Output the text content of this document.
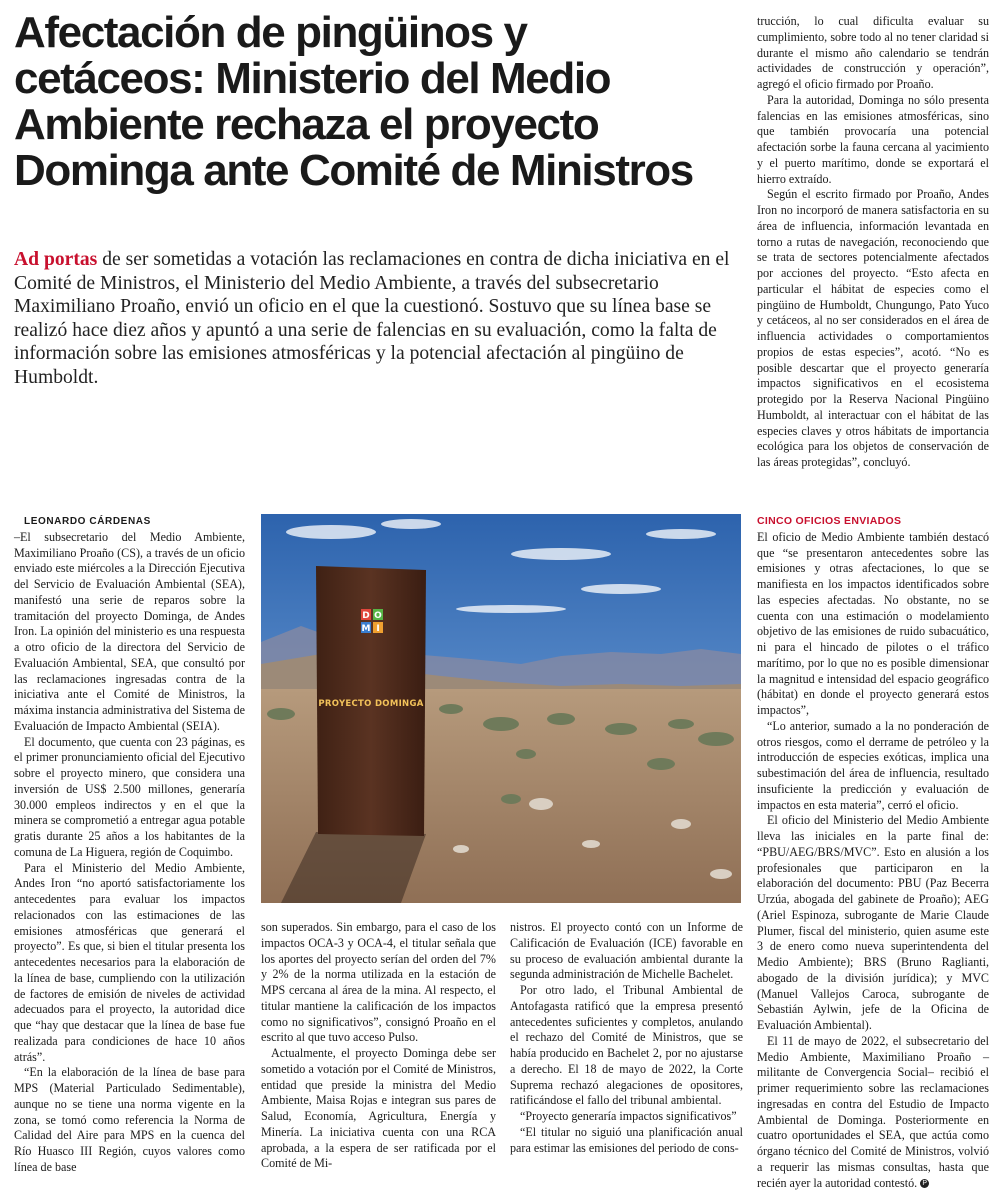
Afectación de pingüinos y
cetáceos: Ministerio del Medio
Ambiente rechaza el proyecto
Dominga ante Comité de Ministros

Ad portas de ser sometidas a votación las reclamaciones en contra de dicha iniciativa en el Comité de Ministros, el Ministerio del Medio Ambiente, a través del subsecretario Maximiliano Proaño, envió un oficio en el que la cuestionó. Sostuvo que su línea base se realizó hace diez años y apuntó a una serie de falencias en su evaluación, como la falta de información sobre las emisiones atmosféricas y la potencial afectación al pingüino de Humboldt.

LEONARDO CÁRDENAS

–El subsecretario del Medio Ambiente, Maximiliano Proaño (CS), a través de un oficio enviado este miércoles a la Dirección Ejecutiva del Servicio de Evaluación Ambiental (SEA), manifestó una serie de reparos sobre la tramitación del proyecto Dominga, de Andes Iron. La opinión del ministerio es una respuesta a otro oficio de la directora del Servicio de Evaluación Ambiental, SEA, que consultó por las reclamaciones ingresadas contra de la iniciativa ante el Comité de Ministros, la máxima instancia administrativa del Sistema de Evaluación de Impacto Ambiental (SEIA).

El documento, que cuenta con 23 páginas, es el primer pronunciamiento oficial del Ejecutivo sobre el proyecto minero, que considera una inversión de US$ 2.500 millones, generaría 30.000 empleos indirectos y en el que la minera se comprometió a entregar agua potable gratis durante 25 años a los habitantes de la comuna de La Higuera, región de Coquimbo.

Para el Ministerio del Medio Ambiente, Andes Iron “no aportó satisfactoriamente los antecedentes para evaluar los impactos relacionados con las estimaciones de las emisiones atmosféricas que generará el proyecto”. Es que, si bien el titular presenta los antecedentes necesarios para la elaboración de la línea de base, cumpliendo con la utilización de factores de emisión de niveles de actividad adecuados para el proyecto, la autoridad dice que “hay que destacar que la línea de base fue realizada para condiciones de hace 10 años atrás”.

“En la elaboración de la línea de base para MPS (Material Particulado Sedimentable), aunque no se tiene una norma vigente en la zona, se tomó como referencia la Norma de Calidad del Aire para MPS en la cuenca del Río Huasco III Región, cuyos valores como línea de base

D O
M I
PROYECTO DOMINGA

son superados. Sin embargo, para el caso de los impactos OCA-3 y OCA-4, el titular señala que los aportes del proyecto serían del orden del 7% y 2% de la norma utilizada en la estación de MPS cercana al área de la mina. Al respecto, el titular mantiene la calificación de los impactos como no significativos”, consignó Proaño en el escrito al que tuvo acceso Pulso.

Actualmente, el proyecto Dominga debe ser sometido a votación por el Comité de Ministros, entidad que preside la ministra del Medio Ambiente, Maisa Rojas e integran sus pares de Salud, Economía, Agricultura, Energía y Minería. La iniciativa cuenta con una RCA aprobada, a la espera de ser ratificada por el Comité de Mi-

nistros. El proyecto contó con un Informe de Calificación de Evaluación (ICE) favorable en su proceso de evaluación ambiental durante la segunda administración de Michelle Bachelet.

Por otro lado, el Tribunal Ambiental de Antofagasta ratificó que la empresa presentó antecedentes suficientes y completos, anulando el rechazo del Comité de Ministros, que se había producido en Bachelet 2, por no ajustarse a derecho. El 18 de mayo de 2022, la Corte Suprema rechazó alegaciones de opositores, ratificándose el fallo del tribunal ambiental.

“Proyecto generaría impactos significativos”

“El titular no siguió una planificación anual para estimar las emisiones del periodo de cons-

trucción, lo cual dificulta evaluar su cumplimiento, sobre todo al no tener claridad si durante el mismo año calendario se tendrán actividades de construcción y operación”, agregó el oficio firmado por Proaño.

Para la autoridad, Dominga no sólo presenta falencias en las emisiones atmosféricas, sino que también provocaría una potencial afectación sorbe la fauna cercana al yacimiento y el puerto marítimo, donde se exportará el hierro extraído.

Según el escrito firmado por Proaño, Andes Iron no incorporó de manera satisfactoria en su área de influencia, información levantada en torno a rutas de navegación, reconociendo que se trata de sectores potencialmente afectados por acciones del proyecto. “Esto afecta en particular el hábitat de especies como el pingüino de Humboldt, Chungungo, Pato Yuco y cetáceos, al no ser considerados en el área de influencia actividades o comportamientos propios de estas especies”, acotó. “No es posible descartar que el proyecto generaría impactos significativos en el ecosistema protegido por la Reserva Nacional Pingüino Humboldt, al interactuar con el hábitat de las especies claves y otros hábitats de importancia ecológica para los objetos de conservación de las áreas protegidas”, concluyó.

CINCO OFICIOS ENVIADOS

El oficio de Medio Ambiente también destacó que “se presentaron antecedentes sobre las emisiones y otras afectaciones, lo que se manifiesta en los impactos identificados sobre las especies afectadas. No obstante, no se cuenta con una estimación o modelamiento objetivo de las emisiones de ruido subacuático, ni para el hincado de pilotes o el tráfico marítimo, por lo que no es posible dimensionar la magnitud e intensidad del espacio geográfico (hábitat) en donde el proyecto generará estos impactos”,

“Lo anterior, sumado a la no ponderación de otros riesgos, como el derrame de petróleo y la introducción de especies exóticas, implica una subestimación del área de influencia, resultado insuficiente la predicción y evaluación de impactos en esta materia”, cerró el oficio.

El oficio del Ministerio del Medio Ambiente lleva las iniciales en la parte final de: “PBU/AEG/BRS/MVC”. Esto en alusión a los profesionales que participaron en la elaboración del documento: PBU (Paz Becerra Urzúa, abogada del gabinete de Proaño); AEG (Ariel Espinoza, subrogante de Marie Claude Plumer, fiscal del ministerio, quien asume este 3 de enero como nueva superintendenta del Medio Ambiente); BRS (Bruno Raglianti, abogado de la división jurídica); y MVC (Manuel Vallejos Caroca, subrogante de Sebastián Aylwin, jefe de la Oficina de Evaluación Ambiental).

El 11 de mayo de 2022, el subsecretario del Medio Ambiente, Maximiliano Proaño –militante de Convergencia Social– recibió el primer requerimiento sobre las reclamaciones ingresadas en contra del Estudio de Impacto Ambiental de Dominga. Posteriormente en cuatro oportunidades el SEA, que actúa como órgano técnico del Comité de Ministros, volvió a requerir las mismas consultas, hasta que recién ayer la autoridad contestó. P
